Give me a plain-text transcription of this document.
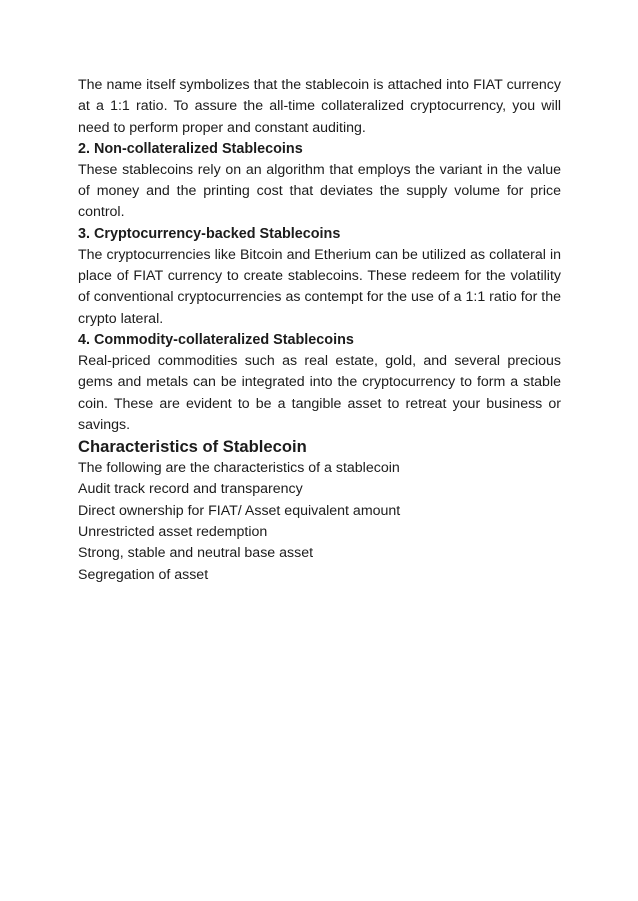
The name itself symbolizes that the stablecoin is attached into FIAT currency at a 1:1 ratio. To assure the all-time collateralized cryptocurrency, you will need to perform proper and constant auditing.

2. Non-collateralized Stablecoins

These stablecoins rely on an algorithm that employs the variant in the value of money and the printing cost that deviates the supply volume for price control.

3. Cryptocurrency-backed Stablecoins

The cryptocurrencies like Bitcoin and Etherium can be utilized as collateral in place of FIAT currency to create stablecoins. These redeem for the volatility of conventional cryptocurrencies as contempt for the use of a 1:1 ratio for the crypto lateral.

4. Commodity-collateralized Stablecoins

Real-priced commodities such as real estate, gold, and several precious gems and metals can be integrated into the cryptocurrency to form a stable coin. These are evident to be a tangible asset to retreat your business or savings.

Characteristics of Stablecoin

The following are the characteristics of a stablecoin

Audit track record and transparency
Direct ownership for FIAT/ Asset equivalent amount
Unrestricted asset redemption
Strong, stable and neutral base asset
Segregation of asset
